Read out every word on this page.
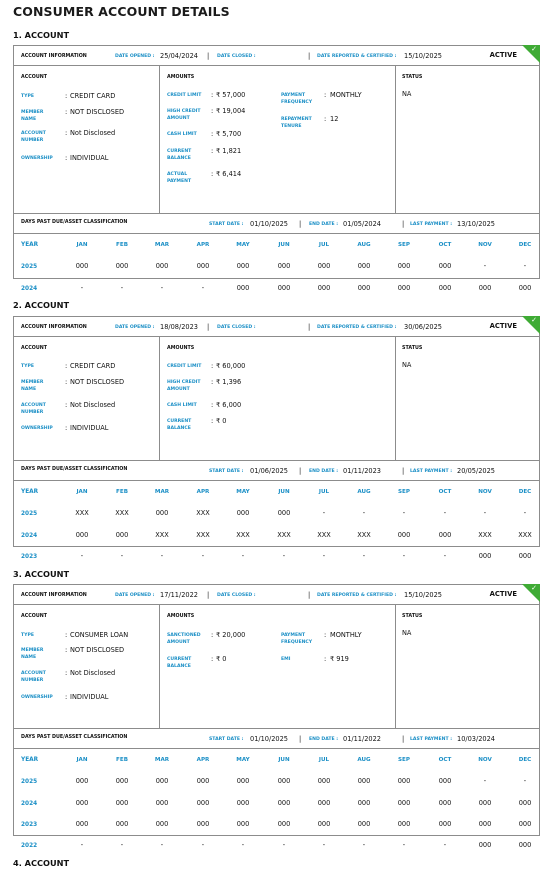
CONSUMER ACCOUNT DETAILS
1. ACCOUNT
ACCOUNT INFORMATION	DATE OPENED : 25/04/2024 | DATE CLOSED :	| DATE REPORTED & CERTIFIED : 15/10/2025	ACTIVE
✓
ACCOUNT	AMOUNTS	STATUS
NA
TYPE	: CREDIT CARD
MEMBER NAME
: NOT DISCLOSED
ACCOUNT NUMBER
: Not Disclosed
OWNERSHIP	: INDIVIDUAL
CREDIT LIMIT	: ₹ 57,000
HIGH CREDIT AMOUNT
: ₹ 19,004
CASH LIMIT	: ₹ 5,700
CURRENT BALANCE
: ₹ 1,821
ACTUAL PAYMENT
: ₹ 6,414
PAYMENT FREQUENCY
: MONTHLY
REPAYMENT TENURE
: 12
DAYS PAST DUE/ASSET CLASSIFICATION	START DATE : 01/10/2025 | END DATE : 01/05/2024	| LAST PAYMENT : 13/10/2025
YEAR	JAN	FEB	MAR	APR	MAY	JUN	JUL	AUG	SEP	OCT	NOV	DEC
2025	000	000	000	000	000	000	000	000	000	000	-	-
2024	-	-	-	-	000	000	000	000	000	000	000	000
2. ACCOUNT
ACCOUNT INFORMATION	DATE OPENED : 18/08/2023 | DATE CLOSED :	| DATE REPORTED & CERTIFIED : 30/06/2025	ACTIVE
✓
ACCOUNT	AMOUNTS	STATUS
NA
TYPE	: CREDIT CARD
MEMBER NAME
: NOT DISCLOSED
ACCOUNT NUMBER
: Not Disclosed
OWNERSHIP	: INDIVIDUAL
CREDIT LIMIT	: ₹ 60,000
HIGH CREDIT AMOUNT
: ₹ 1,396
CASH LIMIT	: ₹ 6,000
CURRENT BALANCE
: ₹ 0
DAYS PAST DUE/ASSET CLASSIFICATION	START DATE : 01/06/2025 | END DATE : 01/11/2023	| LAST PAYMENT : 20/05/2025
YEAR	JAN	FEB	MAR	APR	MAY	JUN	JUL	AUG	SEP	OCT	NOV	DEC
2025	XXX	XXX	000	XXX	000	000	-	-	-	-	-	-
2024	000	000	XXX	XXX	XXX	XXX	XXX	XXX	000	000	XXX	XXX
2023	-	-	-	-	-	-	-	-	-	-	000	000
3. ACCOUNT
ACCOUNT INFORMATION	DATE OPENED : 17/11/2022 | DATE CLOSED :	| DATE REPORTED & CERTIFIED : 15/10/2025	ACTIVE
✓
ACCOUNT	AMOUNTS	STATUS
NA
TYPE	: CONSUMER LOAN
MEMBER NAME
: NOT DISCLOSED
ACCOUNT NUMBER
: Not Disclosed
OWNERSHIP	: INDIVIDUAL
SANCTIONED AMOUNT
: ₹ 20,000
CURRENT BALANCE
: ₹ 0
PAYMENT FREQUENCY
: MONTHLY
EMI	: ₹ 919
DAYS PAST DUE/ASSET CLASSIFICATION	START DATE : 01/10/2025 | END DATE : 01/11/2022	| LAST PAYMENT : 10/03/2024
YEAR	JAN	FEB	MAR	APR	MAY	JUN	JUL	AUG	SEP	OCT	NOV	DEC
2025	000	000	000	000	000	000	000	000	000	000	-	-
2024	000	000	000	000	000	000	000	000	000	000	000	000
2023	000	000	000	000	000	000	000	000	000	000	000	000
2022	-	-	-	-	-	-	-	-	-	-	000	000
4. ACCOUNT
